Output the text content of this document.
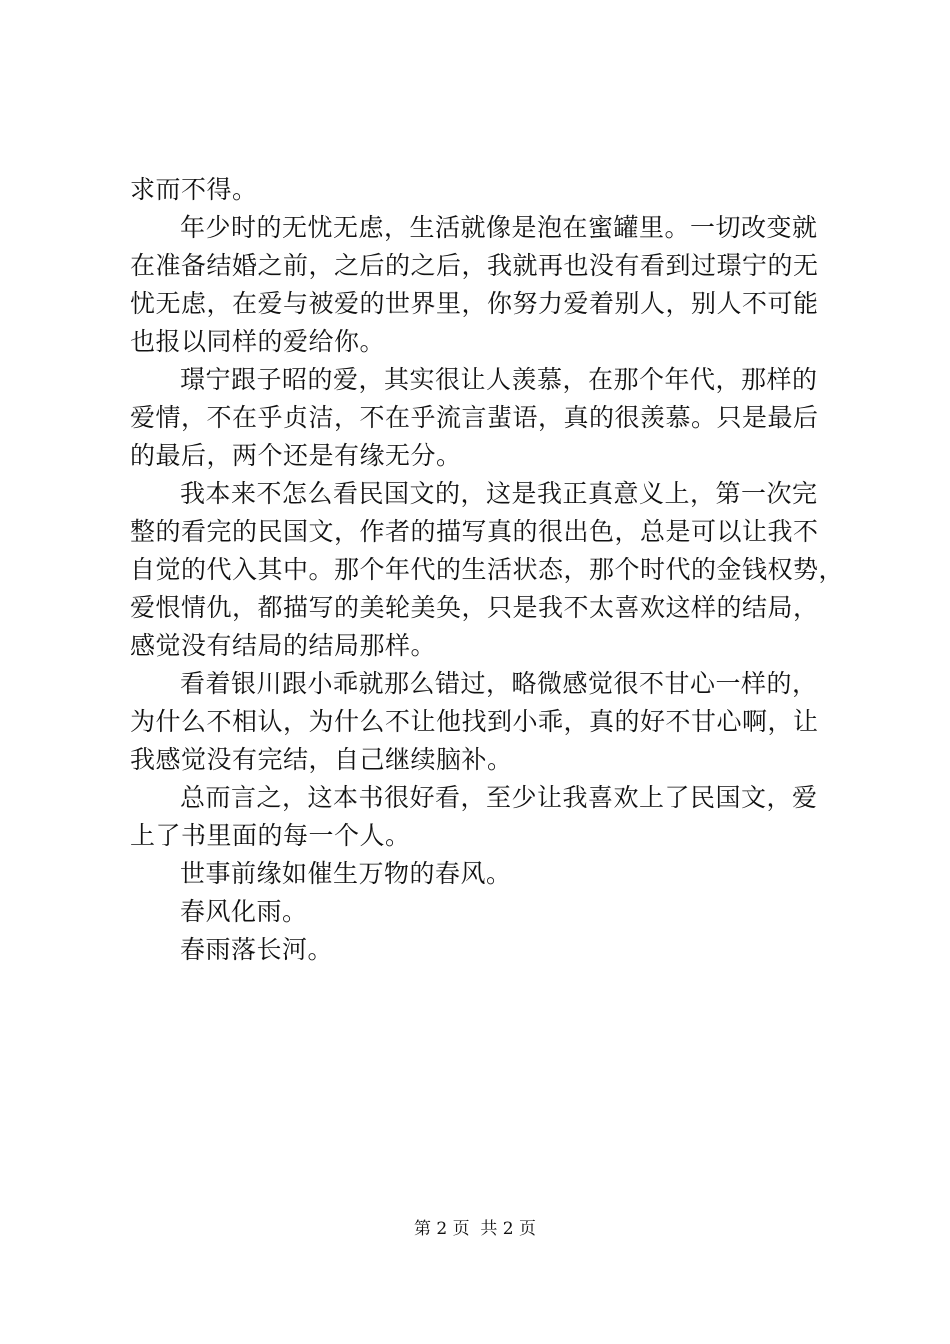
求而不得。
年少时的无忧无虑，生活就像是泡在蜜罐里。一切改变就
在准备结婚之前，之后的之后，我就再也没有看到过璟宁的无
忧无虑，在爱与被爱的世界里，你努力爱着别人，别人不可能
也报以同样的爱给你。
璟宁跟子昭的爱，其实很让人羡慕，在那个年代，那样的
爱情，不在乎贞洁，不在乎流言蜚语，真的很羡慕。只是最后
的最后，两个还是有缘无分。
我本来不怎么看民国文的，这是我正真意义上，第一次完
整的看完的民国文，作者的描写真的很出色，总是可以让我不
自觉的代入其中。那个年代的生活状态，那个时代的金钱权势，
爱恨情仇，都描写的美轮美奂，只是我不太喜欢这样的结局，
感觉没有结局的结局那样。
看着银川跟小乖就那么错过，略微感觉很不甘心一样的，
为什么不相认，为什么不让他找到小乖，真的好不甘心啊，让
我感觉没有完结，自己继续脑补。
总而言之，这本书很好看，至少让我喜欢上了民国文，爱
上了书里面的每一个人。
世事前缘如催生万物的春风。
春风化雨。
春雨落长河。
第 2 页  共 2 页
